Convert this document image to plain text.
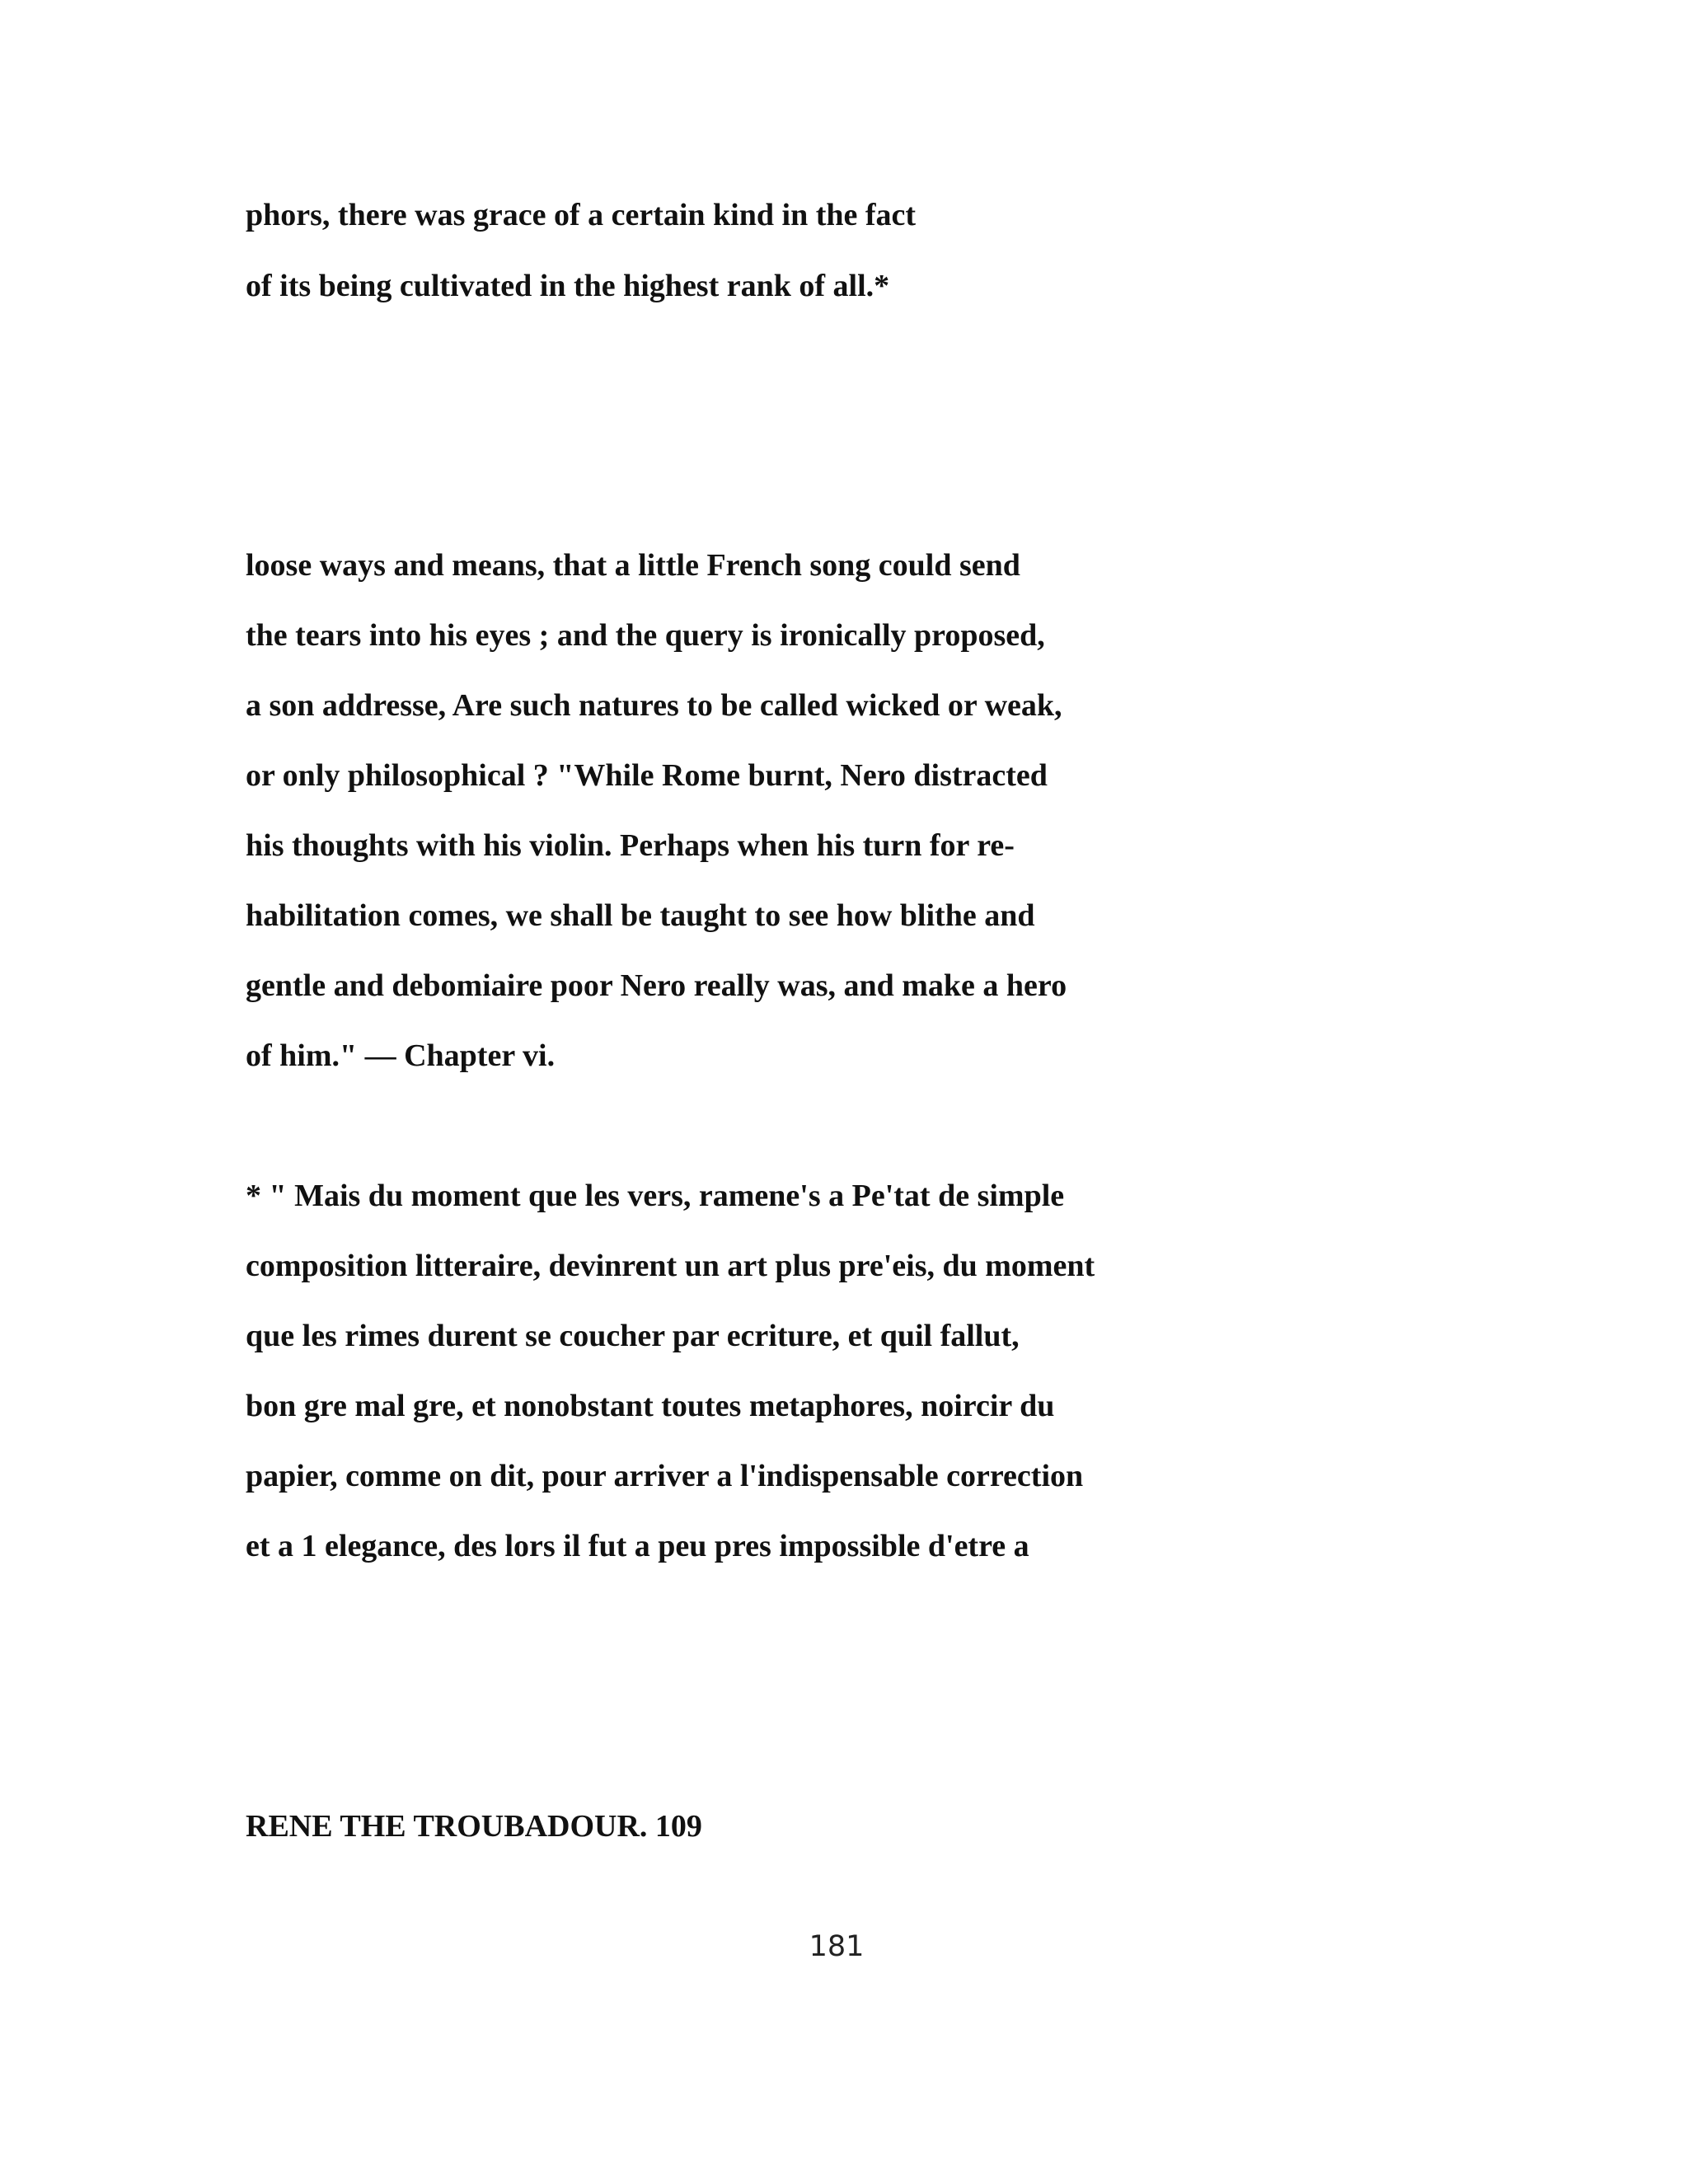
phors, there was grace of a certain kind in the fact

of its being cultivated in the highest rank of all.*

loose ways and means, that a little French song could send

the tears into his eyes ; and the query is ironically proposed,

a son addresse, Are such natures to be called wicked or weak,

or only philosophical ? "While Rome burnt, Nero distracted

his thoughts with his violin. Perhaps when his turn for re-

habilitation comes, we shall be taught to see how blithe and

gentle and debomiaire poor Nero really was, and make a hero

of him." — Chapter vi.

* " Mais du moment que les vers, ramene's a Pe'tat de simple

composition litteraire, devinrent un art plus pre'eis, du moment

que les rimes durent se coucher par ecriture, et quil fallut,

bon gre mal gre, et nonobstant toutes metaphores, noircir du

papier, comme on dit, pour arriver a l'indispensable correction

et a 1 elegance, des lors il fut a peu pres impossible d'etre a

RENE THE TROUBADOUR. 109

181
